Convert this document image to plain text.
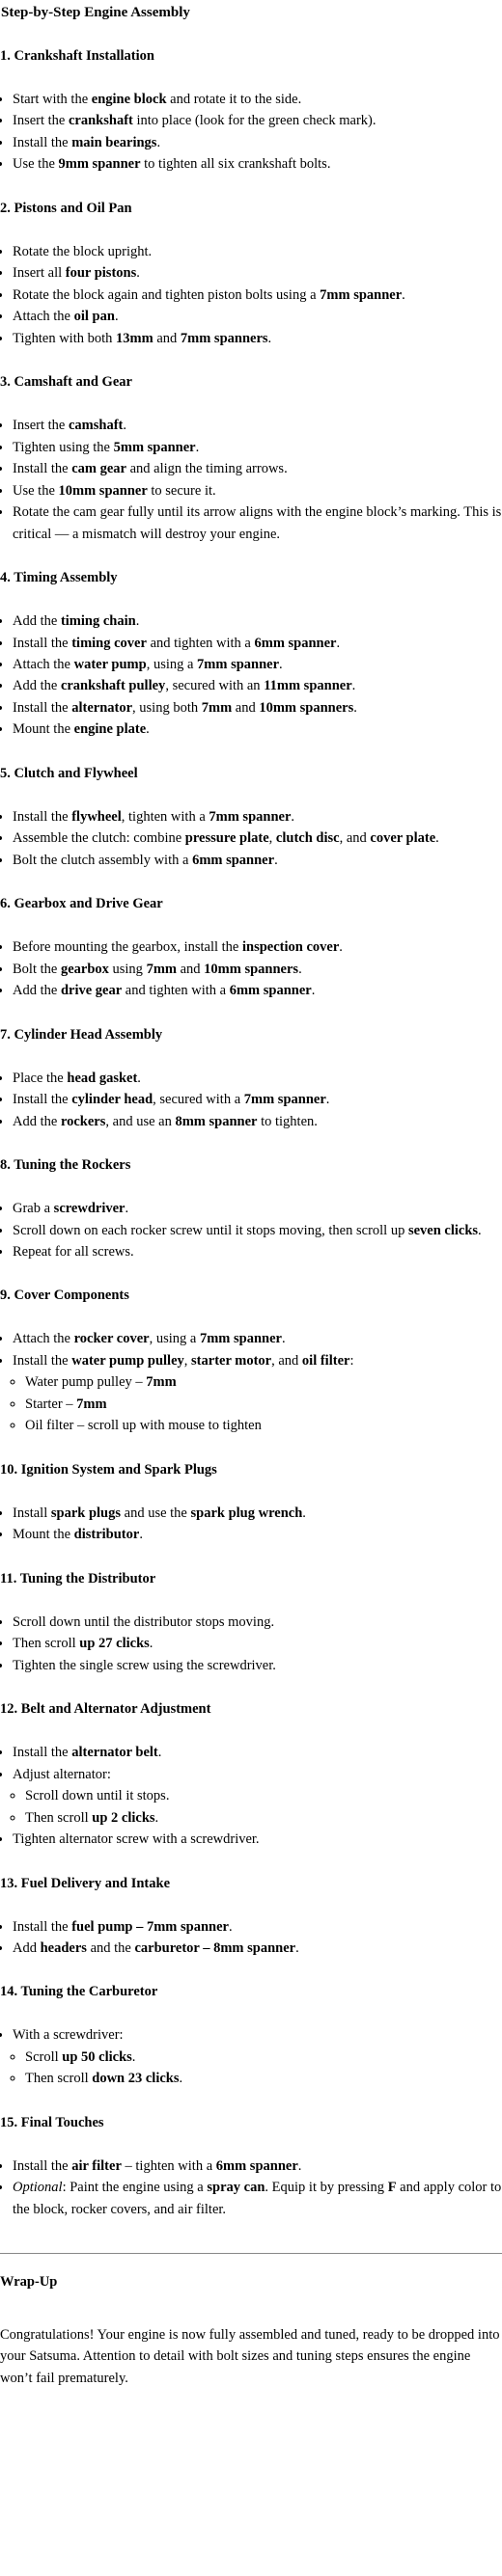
Step-by-Step Engine Assembly
1. Crankshaft Installation
• Start with the engine block and rotate it to the side.
• Insert the crankshaft into place (look for the green check mark).
• Install the main bearings.
• Use the 9mm spanner to tighten all six crankshaft bolts.
2. Pistons and Oil Pan
• Rotate the block upright.
• Insert all four pistons.
• Rotate the block again and tighten piston bolts using a 7mm spanner.
• Attach the oil pan.
• Tighten with both 13mm and 7mm spanners.
3. Camshaft and Gear
• Insert the camshaft.
• Tighten using the 5mm spanner.
• Install the cam gear and align the timing arrows.
• Use the 10mm spanner to secure it.
• Rotate the cam gear fully until its arrow aligns with the engine block’s marking. This is critical — a mismatch will destroy your engine.
4. Timing Assembly
• Add the timing chain.
• Install the timing cover and tighten with a 6mm spanner.
• Attach the water pump, using a 7mm spanner.
• Add the crankshaft pulley, secured with an 11mm spanner.
• Install the alternator, using both 7mm and 10mm spanners.
• Mount the engine plate.
5. Clutch and Flywheel
• Install the flywheel, tighten with a 7mm spanner.
• Assemble the clutch: combine pressure plate, clutch disc, and cover plate.
• Bolt the clutch assembly with a 6mm spanner.
6. Gearbox and Drive Gear
• Before mounting the gearbox, install the inspection cover.
• Bolt the gearbox using 7mm and 10mm spanners.
• Add the drive gear and tighten with a 6mm spanner.
7. Cylinder Head Assembly
• Place the head gasket.
• Install the cylinder head, secured with a 7mm spanner.
• Add the rockers, and use an 8mm spanner to tighten.
8. Tuning the Rockers
• Grab a screwdriver.
• Scroll down on each rocker screw until it stops moving, then scroll up seven clicks.
• Repeat for all screws.
9. Cover Components
• Attach the rocker cover, using a 7mm spanner.
• Install the water pump pulley, starter motor, and oil filter:
◦ Water pump pulley – 7mm
◦ Starter – 7mm
◦ Oil filter – scroll up with mouse to tighten
10. Ignition System and Spark Plugs
• Install spark plugs and use the spark plug wrench.
• Mount the distributor.
11. Tuning the Distributor
• Scroll down until the distributor stops moving.
• Then scroll up 27 clicks.
• Tighten the single screw using the screwdriver.
12. Belt and Alternator Adjustment
• Install the alternator belt.
• Adjust alternator:
◦ Scroll down until it stops.
◦ Then scroll up 2 clicks.
• Tighten alternator screw with a screwdriver.
13. Fuel Delivery and Intake
• Install the fuel pump – 7mm spanner.
• Add headers and the carburetor – 8mm spanner.
14. Tuning the Carburetor
• With a screwdriver:
◦ Scroll up 50 clicks.
◦ Then scroll down 23 clicks.
15. Final Touches
• Install the air filter – tighten with a 6mm spanner.
• Optional: Paint the engine using a spray can. Equip it by pressing F and apply color to the block, rocker covers, and air filter.
Wrap-Up

Congratulations! Your engine is now fully assembled and tuned, ready to be dropped into your Satsuma. Attention to detail with bolt sizes and tuning steps ensures the engine won’t fail prematurely.
